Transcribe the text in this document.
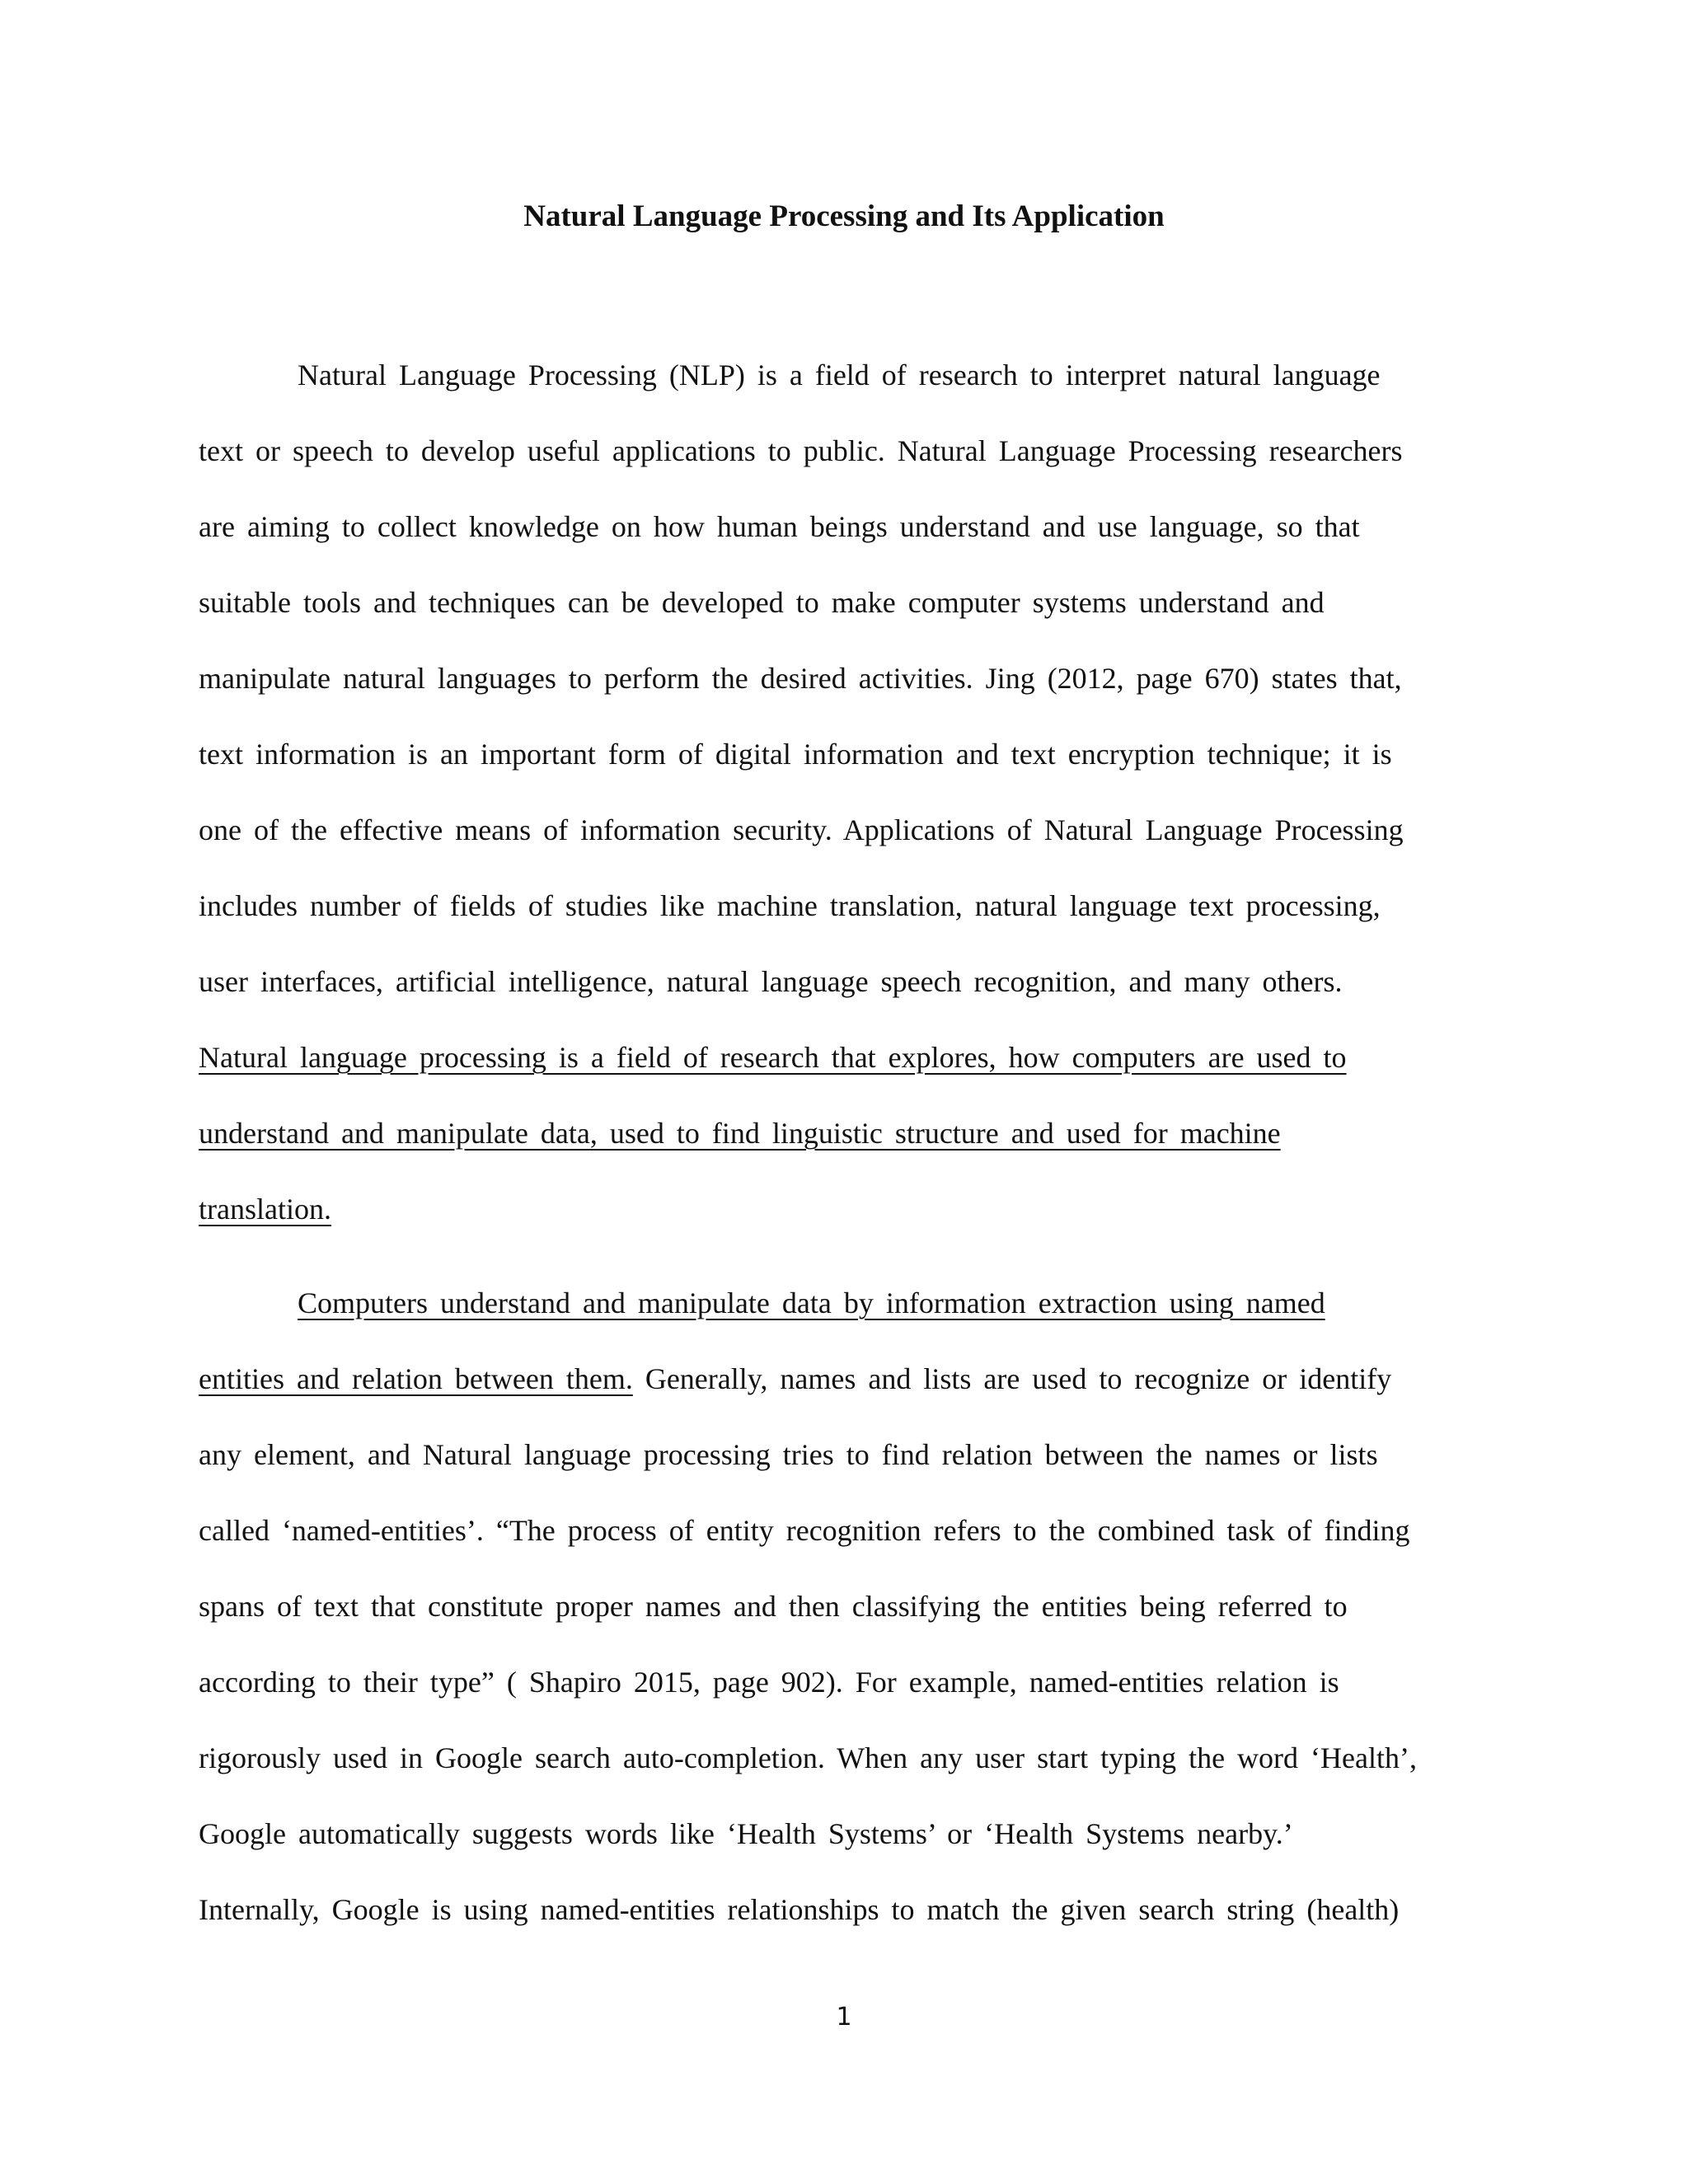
Natural Language Processing and Its Application
Natural Language Processing (NLP) is a field of research to interpret natural language
text or speech to develop useful applications to public. Natural Language Processing researchers
are aiming to collect knowledge on how human beings understand and use language, so that
suitable tools and techniques can be developed to make computer systems understand and
manipulate natural languages to perform the desired activities. Jing (2012, page 670) states that,
text information is an important form of digital information and text encryption technique; it is
one of the effective means of information security. Applications of Natural Language Processing
includes number of fields of studies like machine translation, natural language text processing,
user interfaces, artificial intelligence, natural language speech recognition, and many others.
Natural language processing is a field of research that explores, how computers are used to
understand and manipulate data, used to find linguistic structure and used for machine
translation.
Computers understand and manipulate data by information extraction using named
entities and relation between them. Generally, names and lists are used to recognize or identify
any element, and Natural language processing tries to find relation between the names or lists
called ‘named-entities’. “The process of entity recognition refers to the combined task of finding
spans of text that constitute proper names and then classifying the entities being referred to
according to their type” ( Shapiro 2015, page 902). For example, named-entities relation is
rigorously used in Google search auto-completion. When any user start typing the word ‘Health’,
Google automatically suggests words like ‘Health Systems’ or ‘Health Systems nearby.’
Internally, Google is using named-entities relationships to match the given search string (health)
1
